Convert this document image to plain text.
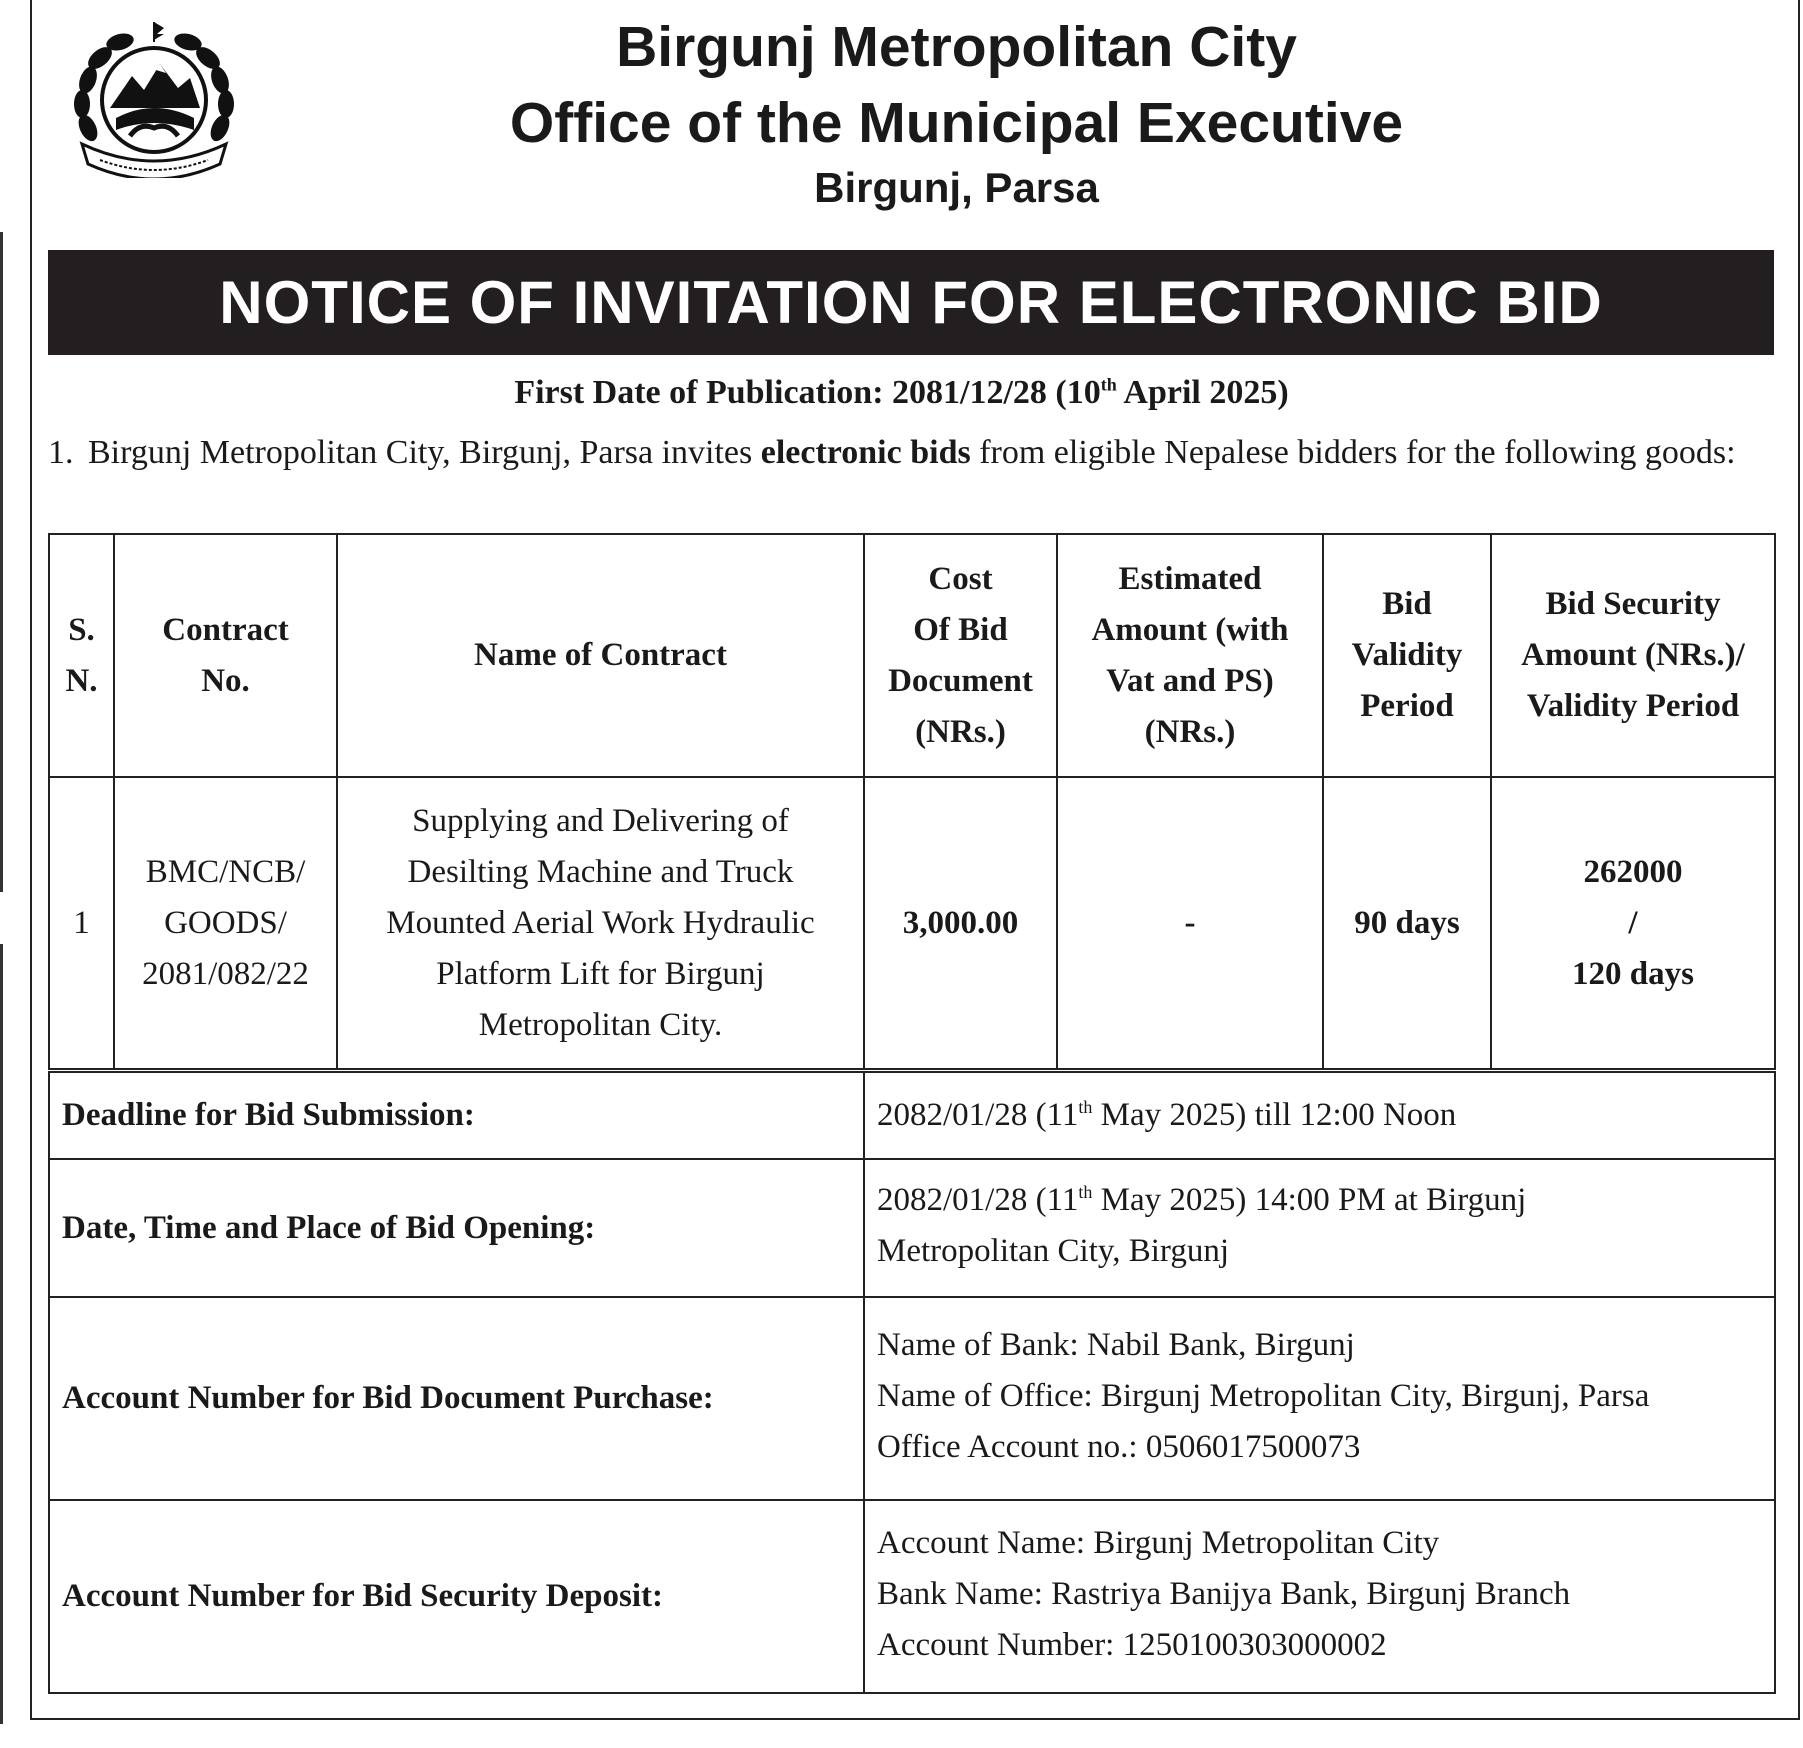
Birgunj Metropolitan City
Office of the Municipal Executive
Birgunj, Parsa
NOTICE OF INVITATION FOR ELECTRONIC BID
First Date of Publication: 2081/12/28 (10th April 2025)
1. Birgunj Metropolitan City, Birgunj, Parsa invites electronic bids from eligible Nepalese bidders for the following goods:
S.
N.	Contract
No.	Name of Contract	Cost
Of Bid
Document
(NRs.)	Estimated
Amount (with
Vat and PS)
(NRs.)	Bid
Validity
Period	Bid Security
Amount (NRs.)/
Validity Period

1	BMC/NCB/
GOODS/
2081/082/22	Supplying and Delivering of
Desilting Machine and Truck
Mounted Aerial Work Hydraulic
Platform Lift for Birgunj
Metropolitan City.	3,000.00	-	90 days	262000
/
120 days
Deadline for Bid Submission:	2082/01/28 (11th May 2025) till 12:00 Noon
Date, Time and Place of Bid Opening:	2082/01/28 (11th May 2025) 14:00 PM at Birgunj
Metropolitan City, Birgunj

Account Number for Bid Document Purchase:	Name of Bank: Nabil Bank, Birgunj
Name of Office: Birgunj Metropolitan City, Birgunj, Parsa
Office Account no.: 0506017500073

Account Number for Bid Security Deposit:	Account Name: Birgunj Metropolitan City
Bank Name: Rastriya Banijya Bank, Birgunj Branch
Account Number: 1250100303000002
